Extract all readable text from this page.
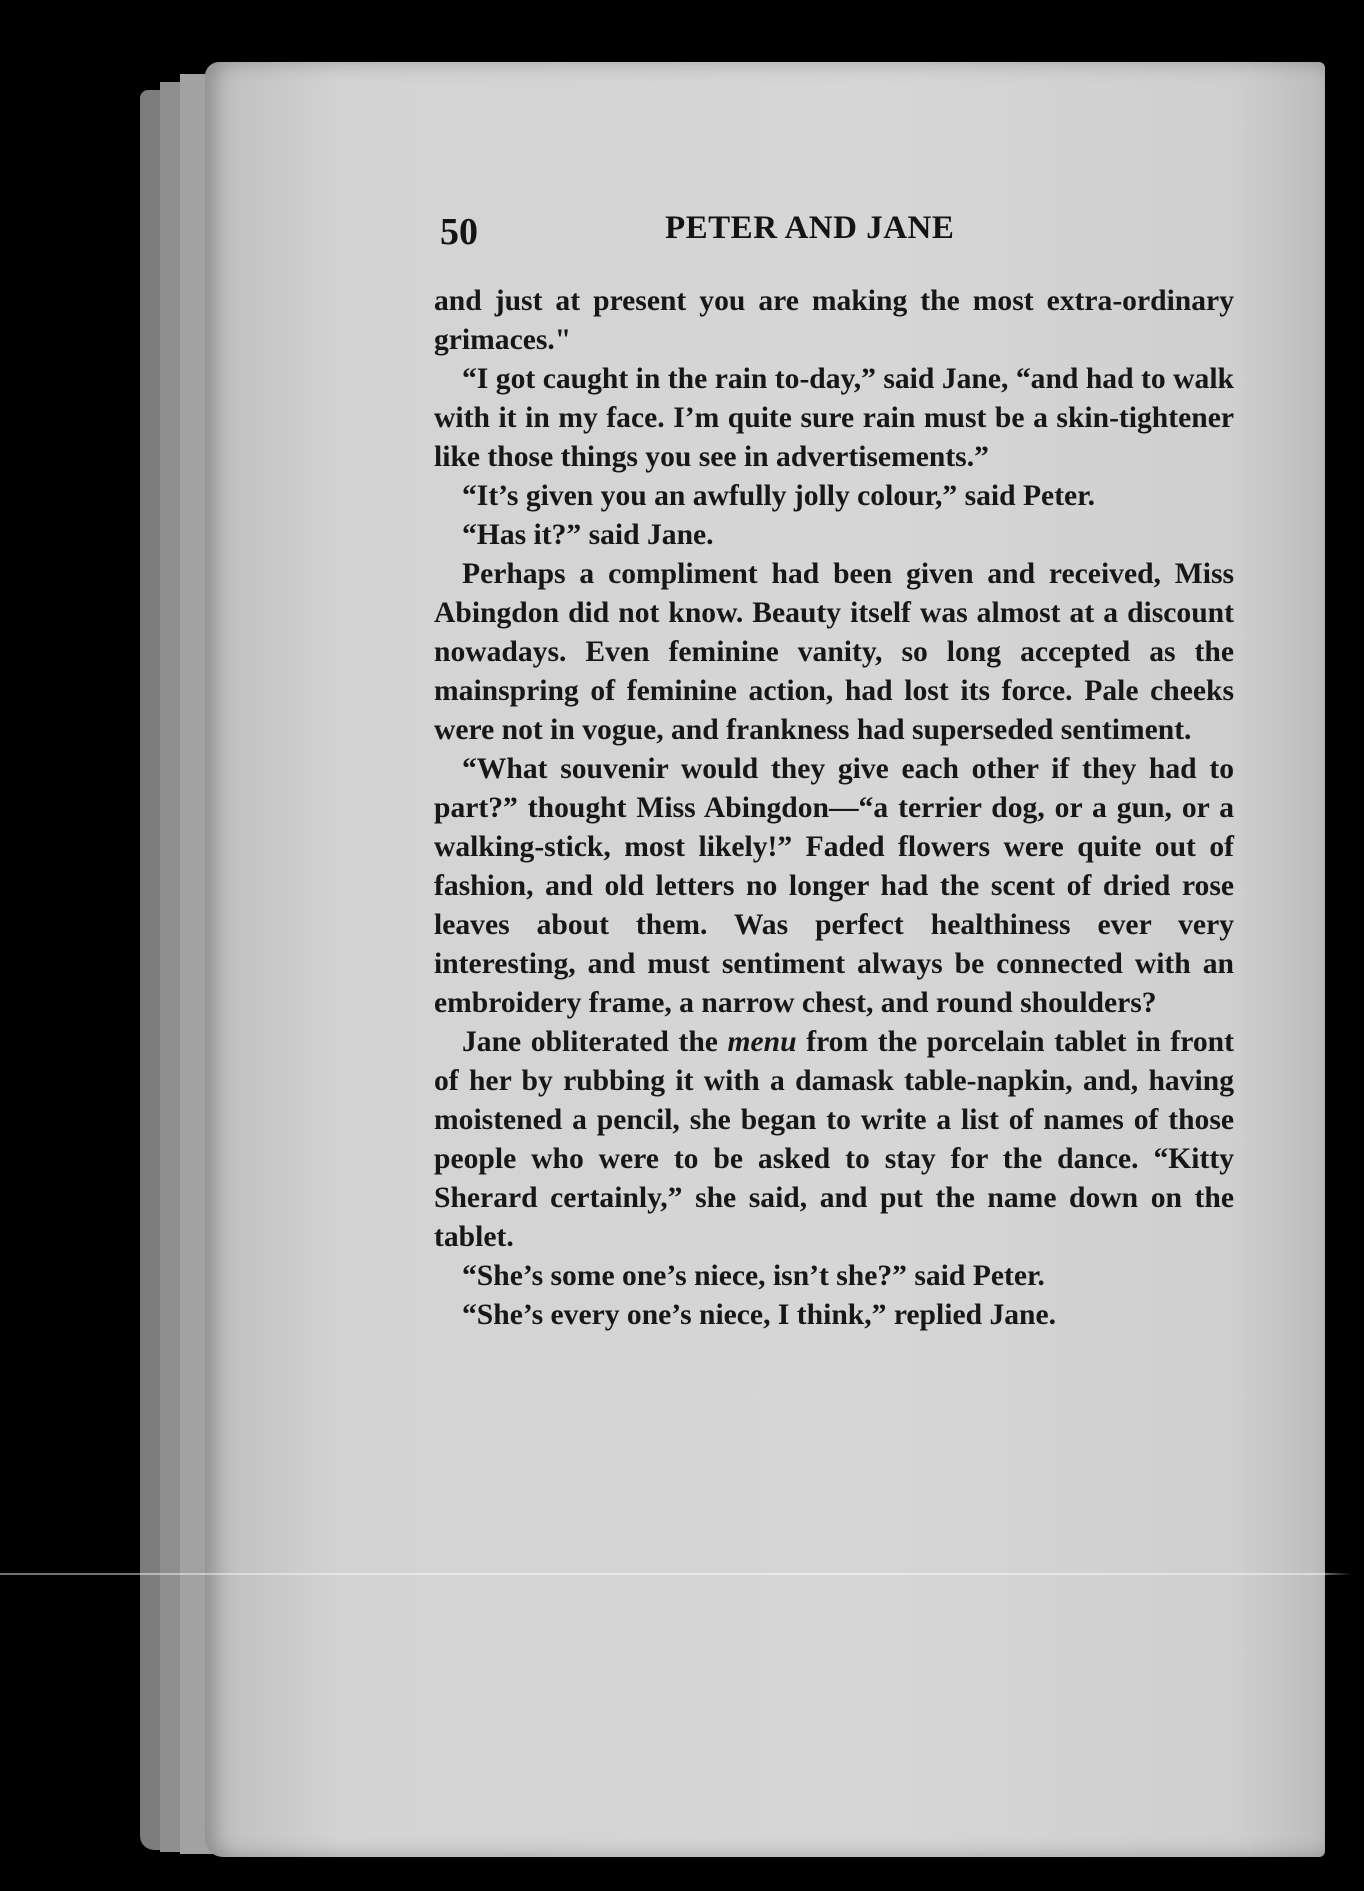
50	PETER AND JANE

and just at present you are making the most extra-ordinary grimaces."

“I got caught in the rain to-day,” said Jane, “and had to walk with it in my face. I’m quite sure rain must be a skin-tightener like those things you see in advertisements.”

“It’s given you an awfully jolly colour,” said Peter.

“Has it?” said Jane.

Perhaps a compliment had been given and received, Miss Abingdon did not know. Beauty itself was almost at a discount nowadays. Even feminine vanity, so long accepted as the mainspring of feminine action, had lost its force. Pale cheeks were not in vogue, and frankness had superseded sentiment.

“What souvenir would they give each other if they had to part?” thought Miss Abingdon—“a terrier dog, or a gun, or a walking-stick, most likely!” Faded flowers were quite out of fashion, and old letters no longer had the scent of dried rose leaves about them. Was perfect healthiness ever very interesting, and must sentiment always be connected with an embroidery frame, a narrow chest, and round shoulders?

Jane obliterated the menu from the porcelain tablet in front of her by rubbing it with a damask table-napkin, and, having moistened a pencil, she began to write a list of names of those people who were to be asked to stay for the dance. “Kitty Sherard certainly,” she said, and put the name down on the tablet.

“She’s some one’s niece, isn’t she?” said Peter.

“She’s every one’s niece, I think,” replied Jane.
